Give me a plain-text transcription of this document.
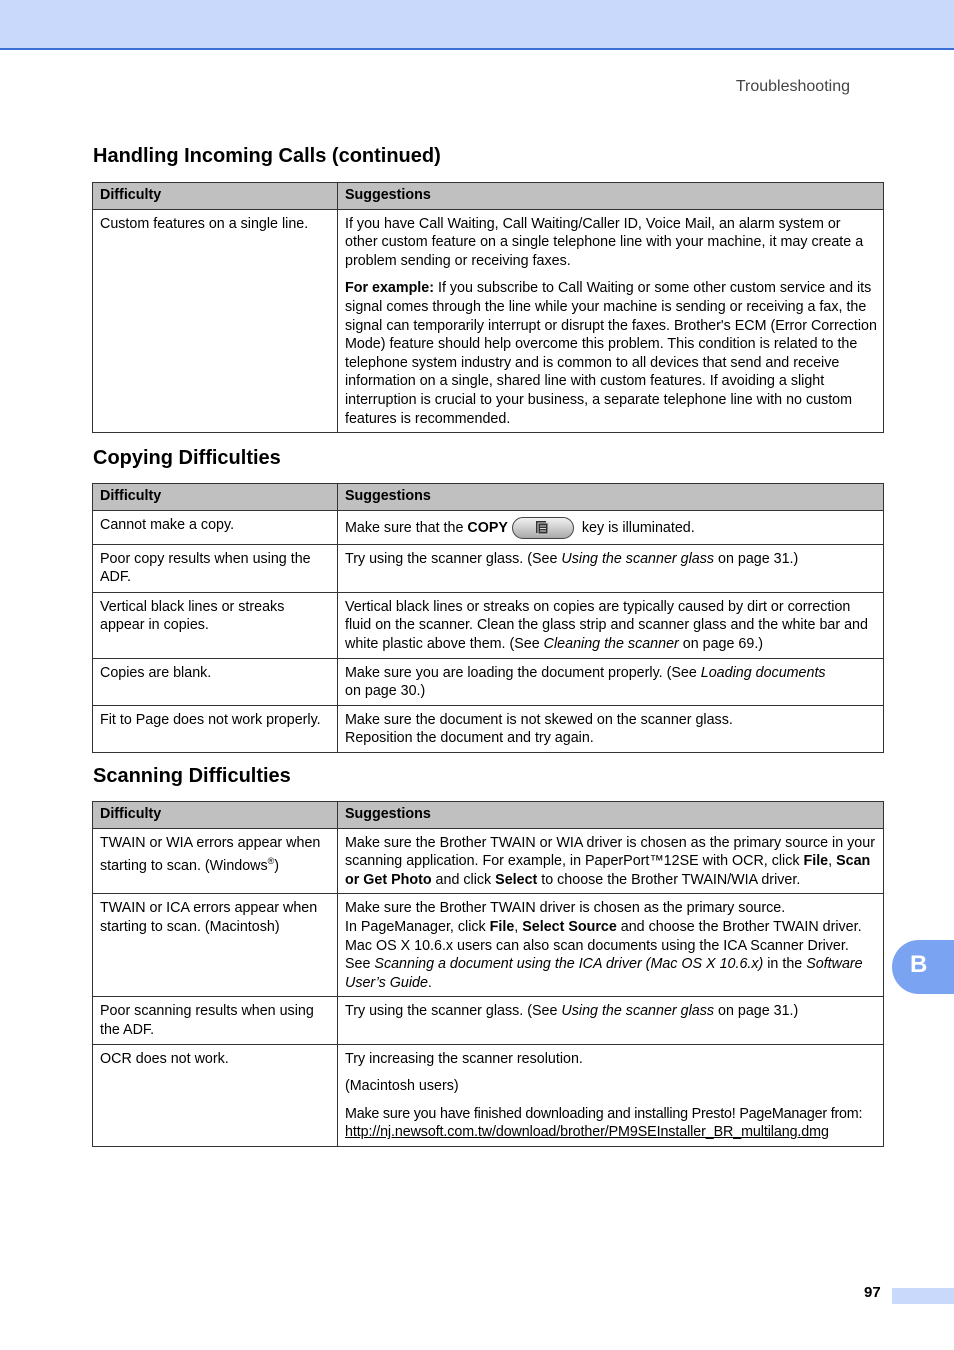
Troubleshooting
Handling Incoming Calls (continued)
Difficulty	Suggestions
Custom features on a single line.	If you have Call Waiting, Call Waiting/Caller ID, Voice Mail, an alarm system or other custom feature on a single telephone line with your machine, it may create a problem sending or receiving faxes.

For example: If you subscribe to Call Waiting or some other custom service and its signal comes through the line while your machine is sending or receiving a fax, the signal can temporarily interrupt or disrupt the faxes. Brother's ECM (Error Correction Mode) feature should help overcome this problem. This condition is related to the telephone system industry and is common to all devices that send and receive information on a single, shared line with custom features. If avoiding a slight interruption is crucial to your business, a separate telephone line with no custom features is recommended.

Copying Difficulties
Difficulty	Suggestions
Cannot make a copy.	Make sure that the COPY key is illuminated.
Poor copy results when using the ADF.	Try using the scanner glass. (See Using the scanner glass on page 31.)
Vertical black lines or streaks appear in copies.	Vertical black lines or streaks on copies are typically caused by dirt or correction fluid on the scanner. Clean the glass strip and scanner glass and the white bar and white plastic above them. (See Cleaning the scanner on page 69.)
Copies are blank.	Make sure you are loading the document properly. (See Loading documents
on page 30.)
Fit to Page does not work properly.	Make sure the document is not skewed on the scanner glass.
Reposition the document and try again.
Scanning Difficulties
Difficulty	Suggestions
TWAIN or WIA errors appear when starting to scan. (Windows®)	Make sure the Brother TWAIN or WIA driver is chosen as the primary source in your scanning application. For example, in PaperPort™12SE with OCR, click File, Scan or Get Photo and click Select to choose the Brother TWAIN/WIA driver.
TWAIN or ICA errors appear when starting to scan. (Macintosh)	Make sure the Brother TWAIN driver is chosen as the primary source.
In PageManager, click File, Select Source and choose the Brother TWAIN driver.
Mac OS X 10.6.x users can also scan documents using the ICA Scanner Driver.
See Scanning a document using the ICA driver (Mac OS X 10.6.x) in the Software User’s Guide.
Poor scanning results when using the ADF.	Try using the scanner glass. (See Using the scanner glass on page 31.)
OCR does not work.	Try increasing the scanner resolution.

(Macintosh users)

Make sure you have finished downloading and installing Presto! PageManager from:
http://nj.newsoft.com.tw/download/brother/PM9SEInstaller_BR_multilang.dmg

B
97
